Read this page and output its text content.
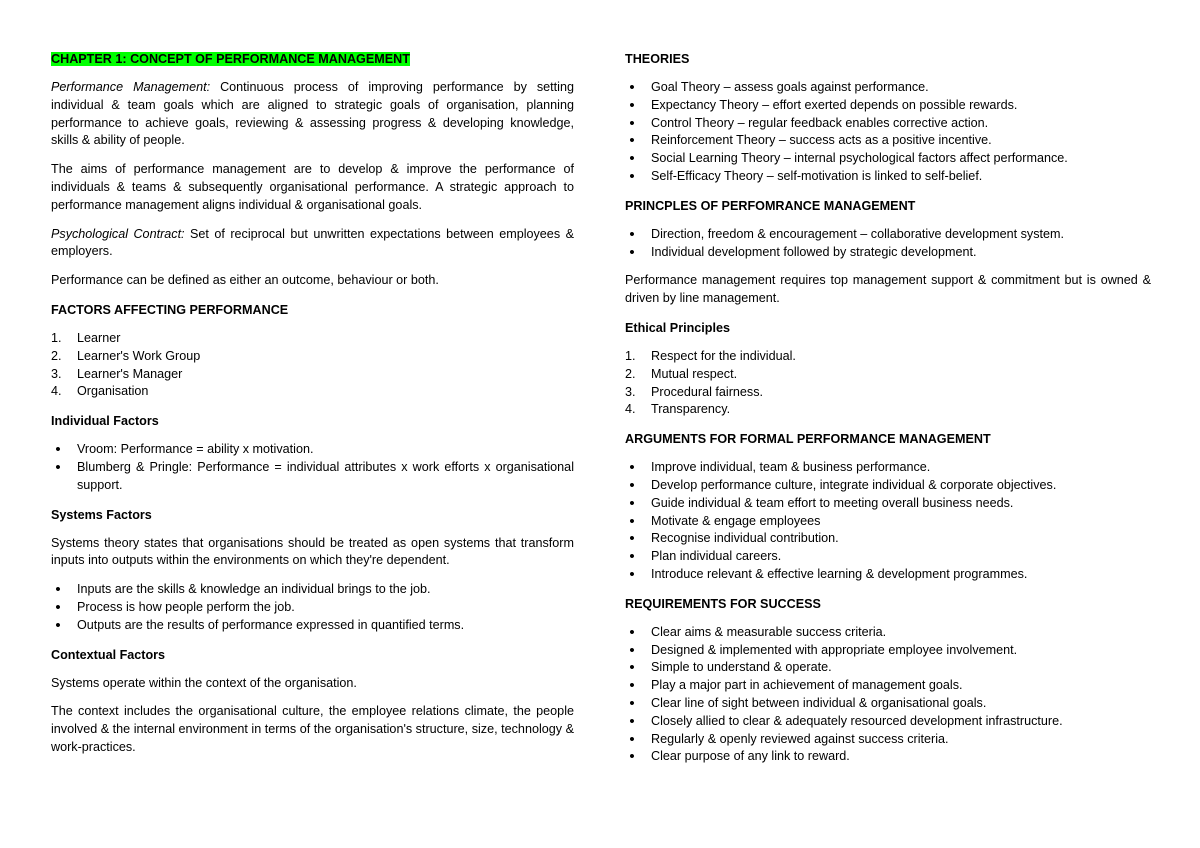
CHAPTER 1: CONCEPT OF PERFORMANCE MANAGEMENT

Performance Management: Continuous process of improving performance by setting individual & team goals which are aligned to strategic goals of organisation, planning performance to achieve goals, reviewing & assessing progress & developing knowledge, skills & ability of people.

The aims of performance management are to develop & improve the performance of individuals & teams & subsequently organisational performance. A strategic approach to performance management aligns individual & organisational goals.

Psychological Contract: Set of reciprocal but unwritten expectations between employees & employers.

Performance can be defined as either an outcome, behaviour or both.

FACTORS AFFECTING PERFORMANCE
1. Learner
2. Learner's Work Group
3. Learner's Manager
4. Organisation
Individual Factors
• Vroom: Performance = ability x motivation.
• Blumberg & Pringle: Performance = individual attributes x work efforts x organisational support.
Systems Factors

Systems theory states that organisations should be treated as open systems that transform inputs into outputs within the environments on which they're dependent.

• Inputs are the skills & knowledge an individual brings to the job.
• Process is how people perform the job.
• Outputs are the results of performance expressed in quantified terms.
Contextual Factors

Systems operate within the context of the organisation.

The context includes the organisational culture, the employee relations climate, the people involved & the internal environment in terms of the organisation's structure, size, technology & work-practices.

THEORIES
• Goal Theory – assess goals against performance.
• Expectancy Theory – effort exerted depends on possible rewards.
• Control Theory – regular feedback enables corrective action.
• Reinforcement Theory – success acts as a positive incentive.
• Social Learning Theory – internal psychological factors affect performance.
• Self-Efficacy Theory – self-motivation is linked to self-belief.
PRINCPLES OF PERFOMRANCE MANAGEMENT
• Direction, freedom & encouragement – collaborative development system.
• Individual development followed by strategic development.

Performance management requires top management support & commitment but is owned & driven by line management.

Ethical Principles
1. Respect for the individual.
2. Mutual respect.
3. Procedural fairness.
4. Transparency.
ARGUMENTS FOR FORMAL PERFORMANCE MANAGEMENT
• Improve individual, team & business performance.
• Develop performance culture, integrate individual & corporate objectives.
• Guide individual & team effort to meeting overall business needs.
• Motivate & engage employees
• Recognise individual contribution.
• Plan individual careers.
• Introduce relevant & effective learning & development programmes.
REQUIREMENTS FOR SUCCESS
• Clear aims & measurable success criteria.
• Designed & implemented with appropriate employee involvement.
• Simple to understand & operate.
• Play a major part in achievement of management goals.
• Clear line of sight between individual & organisational goals.
• Closely allied to clear & adequately resourced development infrastructure.
• Regularly & openly reviewed against success criteria.
• Clear purpose of any link to reward.
